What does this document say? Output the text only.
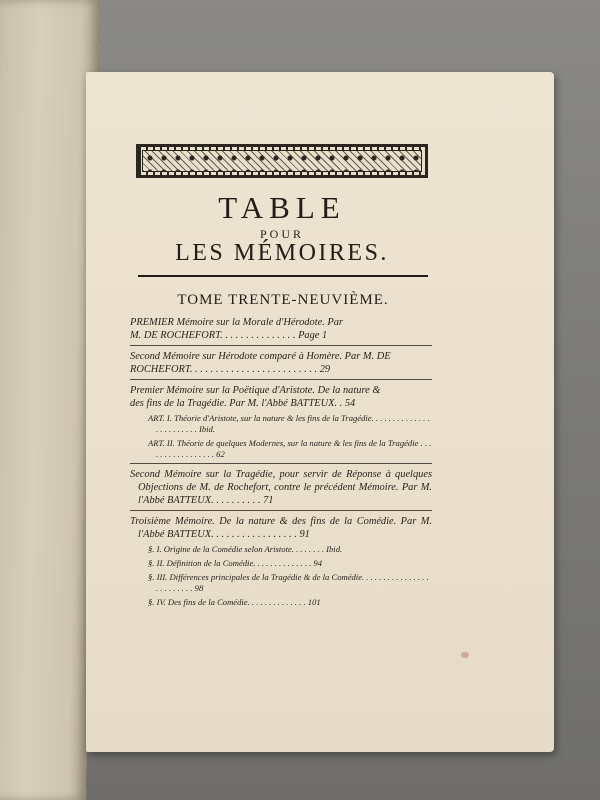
TABLE
POUR
LES MÉMOIRES.
TOME TRENTE-NEUVIÈME.
PREMIER Mémoire sur la Morale d'Hérodote. Par
M. DE ROCHEFORT. . . . . . . . . . . . . . . Page 1
Second Mémoire sur Hérodote comparé à Homère. Par M. DE
ROCHEFORT. . . . . . . . . . . . . . . . . . . . . . . . . 29
Premier Mémoire sur la Poëtique d'Aristote. De la nature &
des fins de la Tragédie. Par M. l'Abbé BATTEUX. . 54
ART. I. Théorie d'Aristote, sur la nature & les fins de la Tragédie. . . . . . . . . . . . . . . . . . . . . . . . Ibid.
ART. II. Théorie de quelques Modernes, sur la nature & les fins de la Tragédie . . . . . . . . . . . . . . . . . 62
Second Mémoire sur la Tragédie, pour servir de Réponse à quelques Objections de M. de Rochefort, contre le précédent Mémoire. Par M. l'Abbé BATTEUX. . . . . . . . . . 71
Troisième Mémoire. De la nature & des fins de la Comédie. Par M. l'Abbé BATTEUX. . . . . . . . . . . . . . . . . 91
§. I. Origine de la Comédie selon Aristote. . . . . . . . Ibid.
§. II. Définition de la Comédie. . . . . . . . . . . . . . 94
§. III. Différences principales de la Tragédie & de la Comédie. . . . . . . . . . . . . . . . . . . . . . . . . 98
§. IV. Des fins de la Comédie. . . . . . . . . . . . . . 101
